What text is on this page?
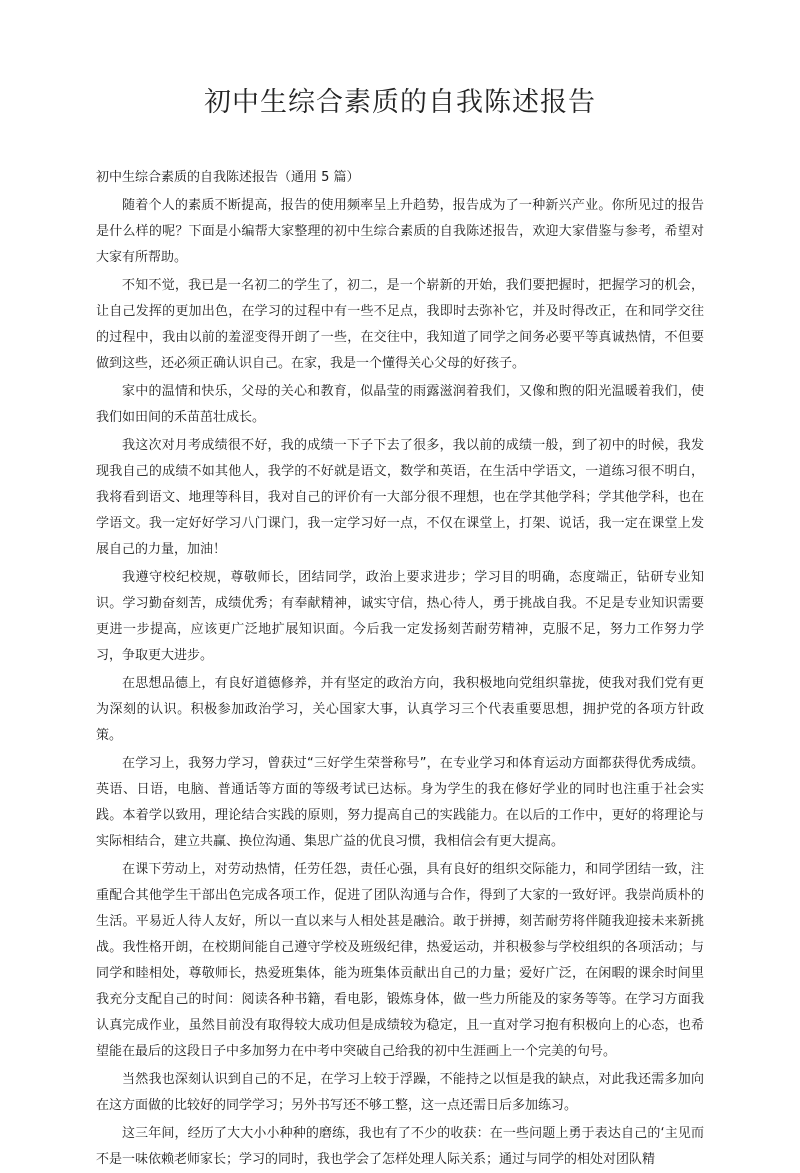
初中生综合素质的自我陈述报告
初中生综合素质的自我陈述报告（通用 5 篇）

随着个人的素质不断提高，报告的使用频率呈上升趋势，报告成为了一种新兴产业。你所见过的报告是什么样的呢？下面是小编帮大家整理的初中生综合素质的自我陈述报告，欢迎大家借鉴与参考，希望对大家有所帮助。

不知不觉，我已是一名初二的学生了，初二，是一个崭新的开始，我们要把握时，把握学习的机会，让自己发挥的更加出色，在学习的过程中有一些不足点，我即时去弥补它，并及时得改正，在和同学交往的过程中，我由以前的羞涩变得开朗了一些，在交往中，我知道了同学之间务必要平等真诚热情，不但要做到这些，还必须正确认识自己。在家，我是一个懂得关心父母的好孩子。

家中的温情和快乐，父母的关心和教育，似晶莹的雨露滋润着我们，又像和煦的阳光温暖着我们，使我们如田间的禾苗茁壮成长。

我这次对月考成绩很不好，我的成绩一下子下去了很多，我以前的成绩一般，到了初中的时候，我发现我自己的成绩不如其他人，我学的不好就是语文，数学和英语，在生活中学语文，一道练习很不明白，我将看到语文、地理等科目，我对自己的评价有一大部分很不理想，也在学其他学科；学其他学科，也在学语文。我一定好好学习八门课门，我一定学习好一点，不仅在课堂上，打架、说话，我一定在课堂上发展自己的力量，加油！

我遵守校纪校规，尊敬师长，团结同学，政治上要求进步；学习目的明确，态度端正，钻研专业知识。学习勤奋刻苦，成绩优秀；有奉献精神，诚实守信，热心待人，勇于挑战自我。不足是专业知识需要更进一步提高，应该更广泛地扩展知识面。今后我一定发扬刻苦耐劳精神，克服不足，努力工作努力学习，争取更大进步。

在思想品德上，有良好道德修养，并有坚定的政治方向，我积极地向党组织靠拢，使我对我们党有更为深刻的认识。积极参加政治学习，关心国家大事，认真学习三个代表重要思想，拥护党的各项方针政策。

在学习上，我努力学习，曾获过“三好学生荣誉称号”，在专业学习和体育运动方面都获得优秀成绩。英语、日语，电脑、普通话等方面的等级考试已达标。身为学生的我在修好学业的同时也注重于社会实践。本着学以致用，理论结合实践的原则，努力提高自己的实践能力。在以后的工作中，更好的将理论与实际相结合，建立共赢、换位沟通、集思广益的优良习惯，我相信会有更大提高。

在课下劳动上，对劳动热情，任劳任怨，责任心强，具有良好的组织交际能力，和同学团结一致，注重配合其他学生干部出色完成各项工作，促进了团队沟通与合作，得到了大家的一致好评。我崇尚质朴的生活。平易近人待人友好，所以一直以来与人相处甚是融洽。敢于拼搏，刻苦耐劳将伴随我迎接未来新挑战。我性格开朗，在校期间能自己遵守学校及班级纪律，热爱运动，并积极参与学校组织的各项活动；与同学和睦相处，尊敬师长，热爱班集体，能为班集体贡献出自己的力量；爱好广泛，在闲暇的课余时间里我充分支配自己的时间：阅读各种书籍，看电影，锻炼身体，做一些力所能及的家务等等。在学习方面我认真完成作业，虽然目前没有取得较大成功但是成绩较为稳定，且一直对学习抱有积极向上的心态，也希望能在最后的这段日子中多加努力在中考中突破自己给我的初中生涯画上一个完美的句号。

当然我也深刻认识到自己的不足，在学习上较于浮躁，不能持之以恒是我的缺点，对此我还需多加向在这方面做的比较好的同学学习；另外书写还不够工整，这一点还需日后多加练习。

这三年间，经历了大大小小种种的磨练，我也有了不少的收获：在一些问题上勇于表达自己的‘主见而不是一味依赖老师家长；学习的同时，我也学会了怎样处理人际关系；通过与同学的相处对团队精
